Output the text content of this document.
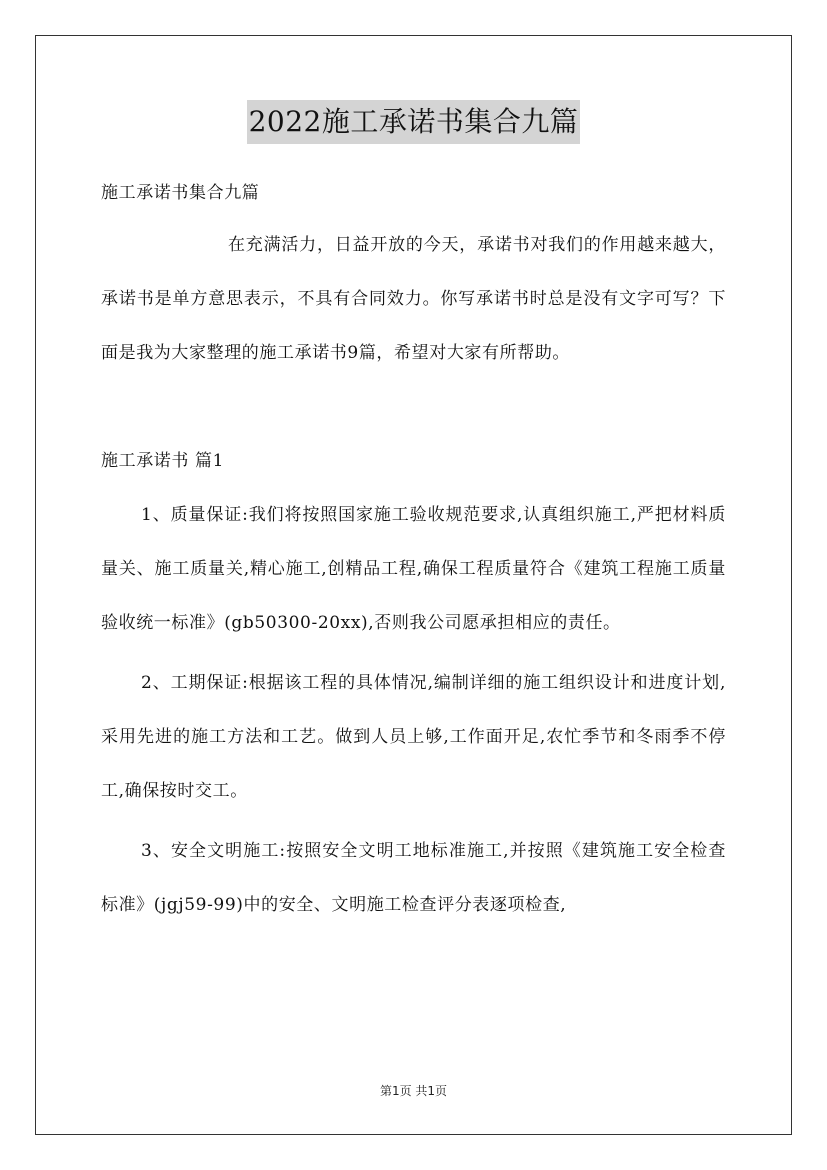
2022施工承诺书集合九篇

施工承诺书集合九篇

在充满活力，日益开放的今天，承诺书对我们的作用越来越大，承诺书是单方意思表示，不具有合同效力。你写承诺书时总是没有文字可写？下面是我为大家整理的施工承诺书9篇，希望对大家有所帮助。

施工承诺书 篇1

1、质量保证:我们将按照国家施工验收规范要求,认真组织施工,严把材料质量关、施工质量关,精心施工,创精品工程,确保工程质量符合《建筑工程施工质量验收统一标准》(gb50300-20xx),否则我公司愿承担相应的责任。

2、工期保证:根据该工程的具体情况,编制详细的施工组织设计和进度计划,采用先进的施工方法和工艺。做到人员上够,工作面开足,农忙季节和冬雨季不停工,确保按时交工。

3、安全文明施工:按照安全文明工地标准施工,并按照《建筑施工安全检查标准》(jgj59-99)中的安全、文明施工检查评分表逐项检查,

第1页 共1页
